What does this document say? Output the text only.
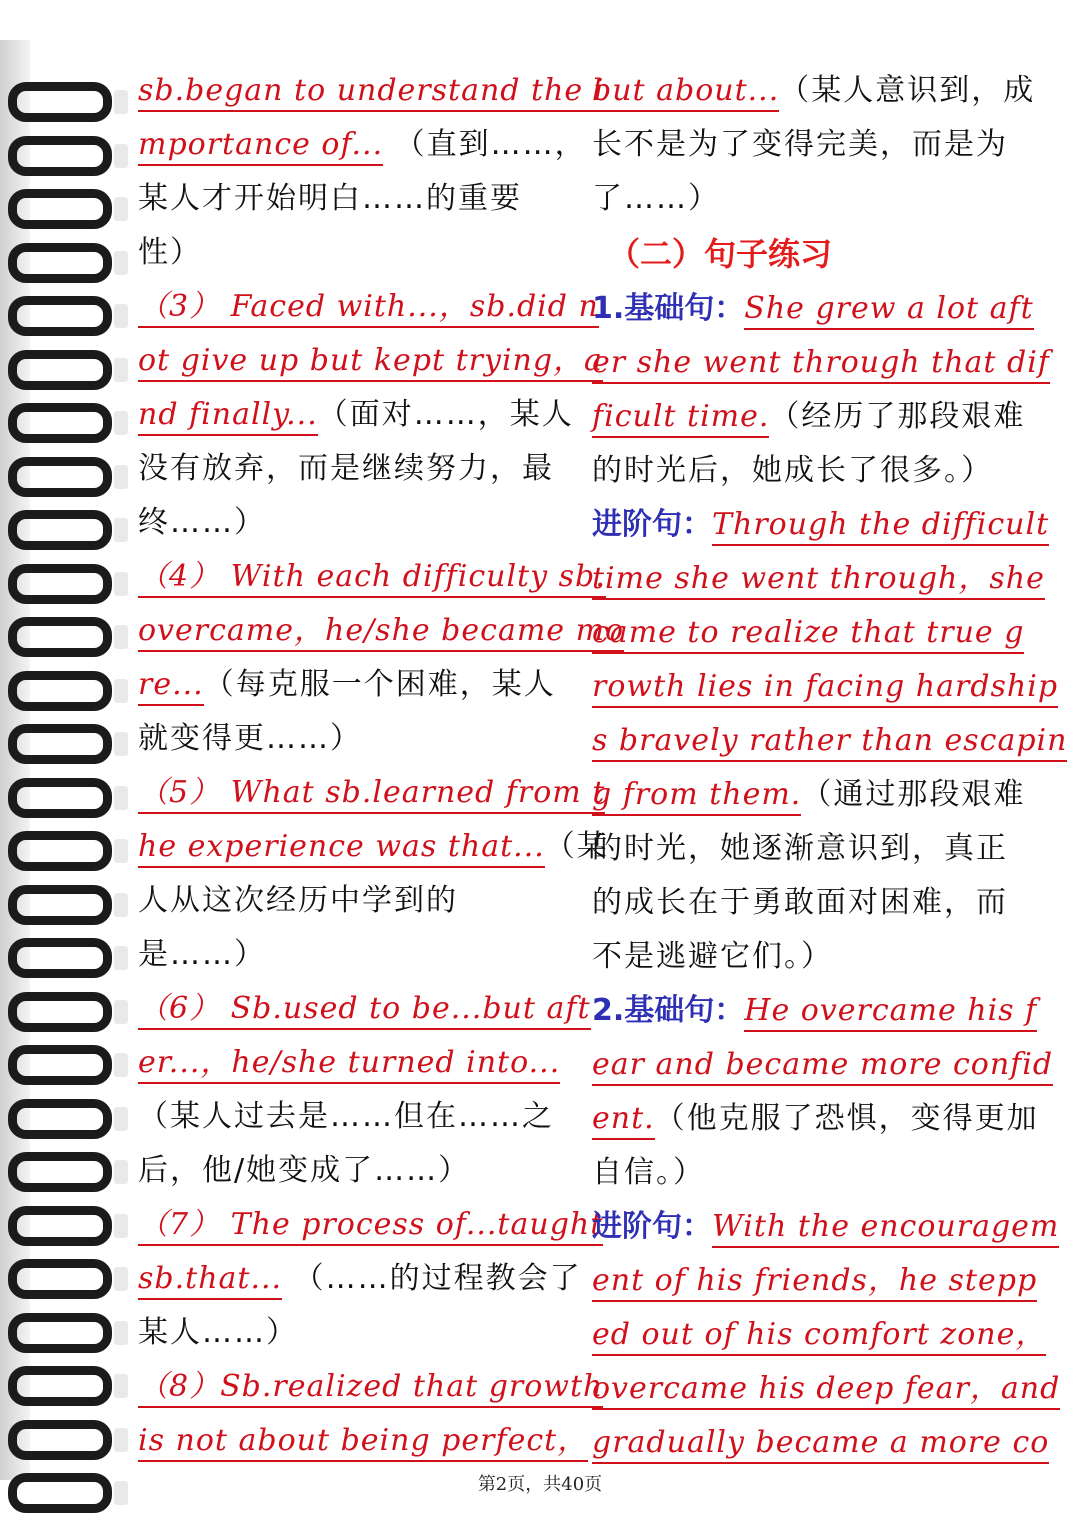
sb.began to understand the i
mportance of... （直到……，
某人才开始明白……的重要
性）
（3） Faced with...，sb.did n
ot give up but kept trying，a
nd finally...（面对……，某人
没有放弃，而是继续努力，最
终……）
（4） With each difficulty sb.
overcame，he/she became mo
re...（每克服一个困难，某人
就变得更……）
（5） What sb.learned from t
he experience was that...（某
人从这次经历中学到的
是……）
（6） Sb.used to be...but aft
er...，he/she turned into...
（某人过去是……但在……之
后，他/她变成了……）
（7） The process of...taught
sb.that... （……的过程教会了
某人……）
（8）Sb.realized that growth
is not about being perfect，
but about...（某人意识到，成
长不是为了变得完美，而是为
了……）
（二）句子练习
1.基础句：She grew a lot aft
er she went through that dif
ficult time.（经历了那段艰难
的时光后，她成长了很多。）
进阶句：Through the difficult
time she went through，she
came to realize that true g
rowth lies in facing hardship
s bravely rather than escapin
g from them.（通过那段艰难
的时光，她逐渐意识到，真正
的成长在于勇敢面对困难，而
不是逃避它们。）
2.基础句：He overcame his f
ear and became more confid
ent.（他克服了恐惧，变得更加
自信。）
进阶句：With the encouragem
ent of his friends，he stepp
ed out of his comfort zone，
overcame his deep fear，and
gradually became a more co
第2页，共40页
